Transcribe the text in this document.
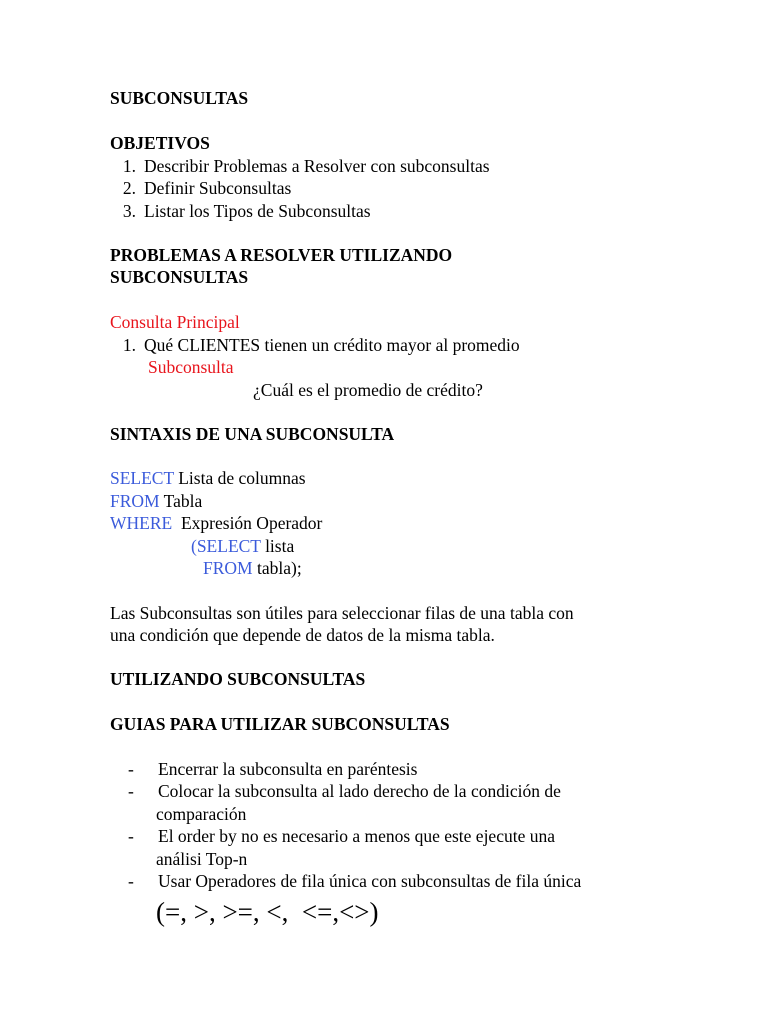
SUBCONSULTAS
OBJETIVOS
1. Describir Problemas a Resolver con subconsultas
2. Definir Subconsultas
3. Listar los Tipos de Subconsultas
PROBLEMAS A RESOLVER UTILIZANDO
SUBCONSULTAS
Consulta Principal
1. Qué CLIENTES tienen un crédito mayor al promedio
Subconsulta
¿Cuál es el promedio de crédito?
SINTAXIS DE UNA SUBCONSULTA
SELECT Lista de columnas
FROM Tabla
WHERE  Expresión Operador
(SELECT lista
FROM tabla);
Las Subconsultas son útiles para seleccionar filas de una tabla con
una condición que depende de datos de la misma tabla.
UTILIZANDO SUBCONSULTAS
GUIAS PARA UTILIZAR SUBCONSULTAS
- Encerrar la subconsulta en paréntesis
- Colocar la subconsulta al lado derecho de la condición de
comparación
- El order by no es necesario a menos que este ejecute una
análisi Top-n
- Usar Operadores de fila única con subconsultas de fila única
(=, >, >=, <,  <=,<>)
